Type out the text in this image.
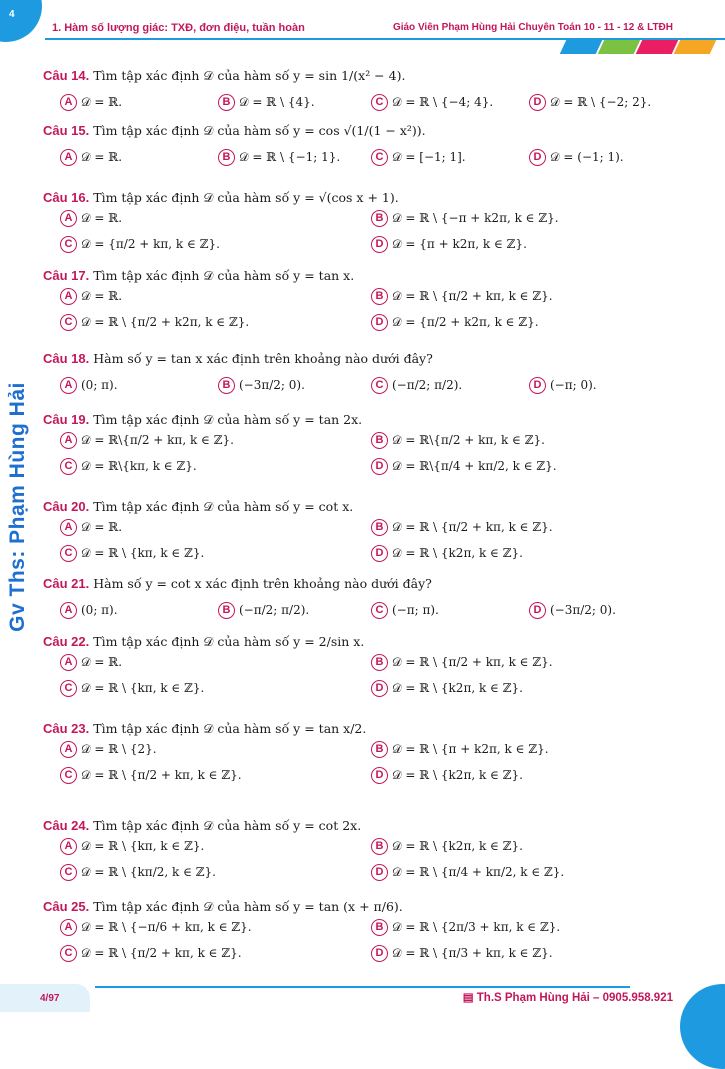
4
1. Hàm số lượng giác: TXĐ, đơn điệu, tuần hoàn	Giáo Viên Phạm Hùng Hải Chuyên Toán 10 - 11 - 12 & LTĐH
Gv Ths: Phạm Hùng Hải
Câu 14. Tìm tập xác định 𝒟 của hàm số y = sin 1/(x² − 4).
A 𝒟 = ℝ.	B 𝒟 = ℝ \ {4}.	C 𝒟 = ℝ \ {−4; 4}.	D 𝒟 = ℝ \ {−2; 2}.
Câu 15. Tìm tập xác định 𝒟 của hàm số y = cos √(1/(1 − x²)).
A 𝒟 = ℝ.	B 𝒟 = ℝ \ {−1; 1}.	C 𝒟 = [−1; 1].	D 𝒟 = (−1; 1).
Câu 16. Tìm tập xác định 𝒟 của hàm số y = √(cos x + 1).
A 𝒟 = ℝ.	B 𝒟 = ℝ \ {−π + k2π, k ∈ ℤ}.
C 𝒟 = {π/2 + kπ, k ∈ ℤ}.	D 𝒟 = {π + k2π, k ∈ ℤ}.
Câu 17. Tìm tập xác định 𝒟 của hàm số y = tan x.
A 𝒟 = ℝ.	B 𝒟 = ℝ \ {π/2 + kπ, k ∈ ℤ}.
C 𝒟 = ℝ \ {π/2 + k2π, k ∈ ℤ}.	D 𝒟 = {π/2 + k2π, k ∈ ℤ}.
Câu 18. Hàm số y = tan x xác định trên khoảng nào dưới đây?
A (0; π).	B (−3π/2; 0).	C (−π/2; π/2).	D (−π; 0).
Câu 19. Tìm tập xác định 𝒟 của hàm số y = tan 2x.
A 𝒟 = ℝ\{π/2 + kπ, k ∈ ℤ}.	B 𝒟 = ℝ\{π/2 + kπ, k ∈ ℤ}.
C 𝒟 = ℝ\{kπ, k ∈ ℤ}.	D 𝒟 = ℝ\{π/4 + kπ/2, k ∈ ℤ}.
Câu 20. Tìm tập xác định 𝒟 của hàm số y = cot x.
A 𝒟 = ℝ.	B 𝒟 = ℝ \ {π/2 + kπ, k ∈ ℤ}.
C 𝒟 = ℝ \ {kπ, k ∈ ℤ}.	D 𝒟 = ℝ \ {k2π, k ∈ ℤ}.
Câu 21. Hàm số y = cot x xác định trên khoảng nào dưới đây?
A (0; π).	B (−π/2; π/2).	C (−π; π).	D (−3π/2; 0).
Câu 22. Tìm tập xác định 𝒟 của hàm số y = 2/sin x.
A 𝒟 = ℝ.	B 𝒟 = ℝ \ {π/2 + kπ, k ∈ ℤ}.
C 𝒟 = ℝ \ {kπ, k ∈ ℤ}.	D 𝒟 = ℝ \ {k2π, k ∈ ℤ}.
Câu 23. Tìm tập xác định 𝒟 của hàm số y = tan x/2.
A 𝒟 = ℝ \ {2}.	B 𝒟 = ℝ \ {π + k2π, k ∈ ℤ}.
C 𝒟 = ℝ \ {π/2 + kπ, k ∈ ℤ}.	D 𝒟 = ℝ \ {k2π, k ∈ ℤ}.
Câu 24. Tìm tập xác định 𝒟 của hàm số y = cot 2x.
A 𝒟 = ℝ \ {kπ, k ∈ ℤ}.	B 𝒟 = ℝ \ {k2π, k ∈ ℤ}.
C 𝒟 = ℝ \ {kπ/2, k ∈ ℤ}.	D 𝒟 = ℝ \ {π/4 + kπ/2, k ∈ ℤ}.
Câu 25. Tìm tập xác định 𝒟 của hàm số y = tan (x + π/6).
A 𝒟 = ℝ \ {−π/6 + kπ, k ∈ ℤ}.	B 𝒟 = ℝ \ {2π/3 + kπ, k ∈ ℤ}.
C 𝒟 = ℝ \ {π/2 + kπ, k ∈ ℤ}.	D 𝒟 = ℝ \ {π/3 + kπ, k ∈ ℤ}.
4/97	▤ Th.S Phạm Hùng Hải – 0905.958.921
